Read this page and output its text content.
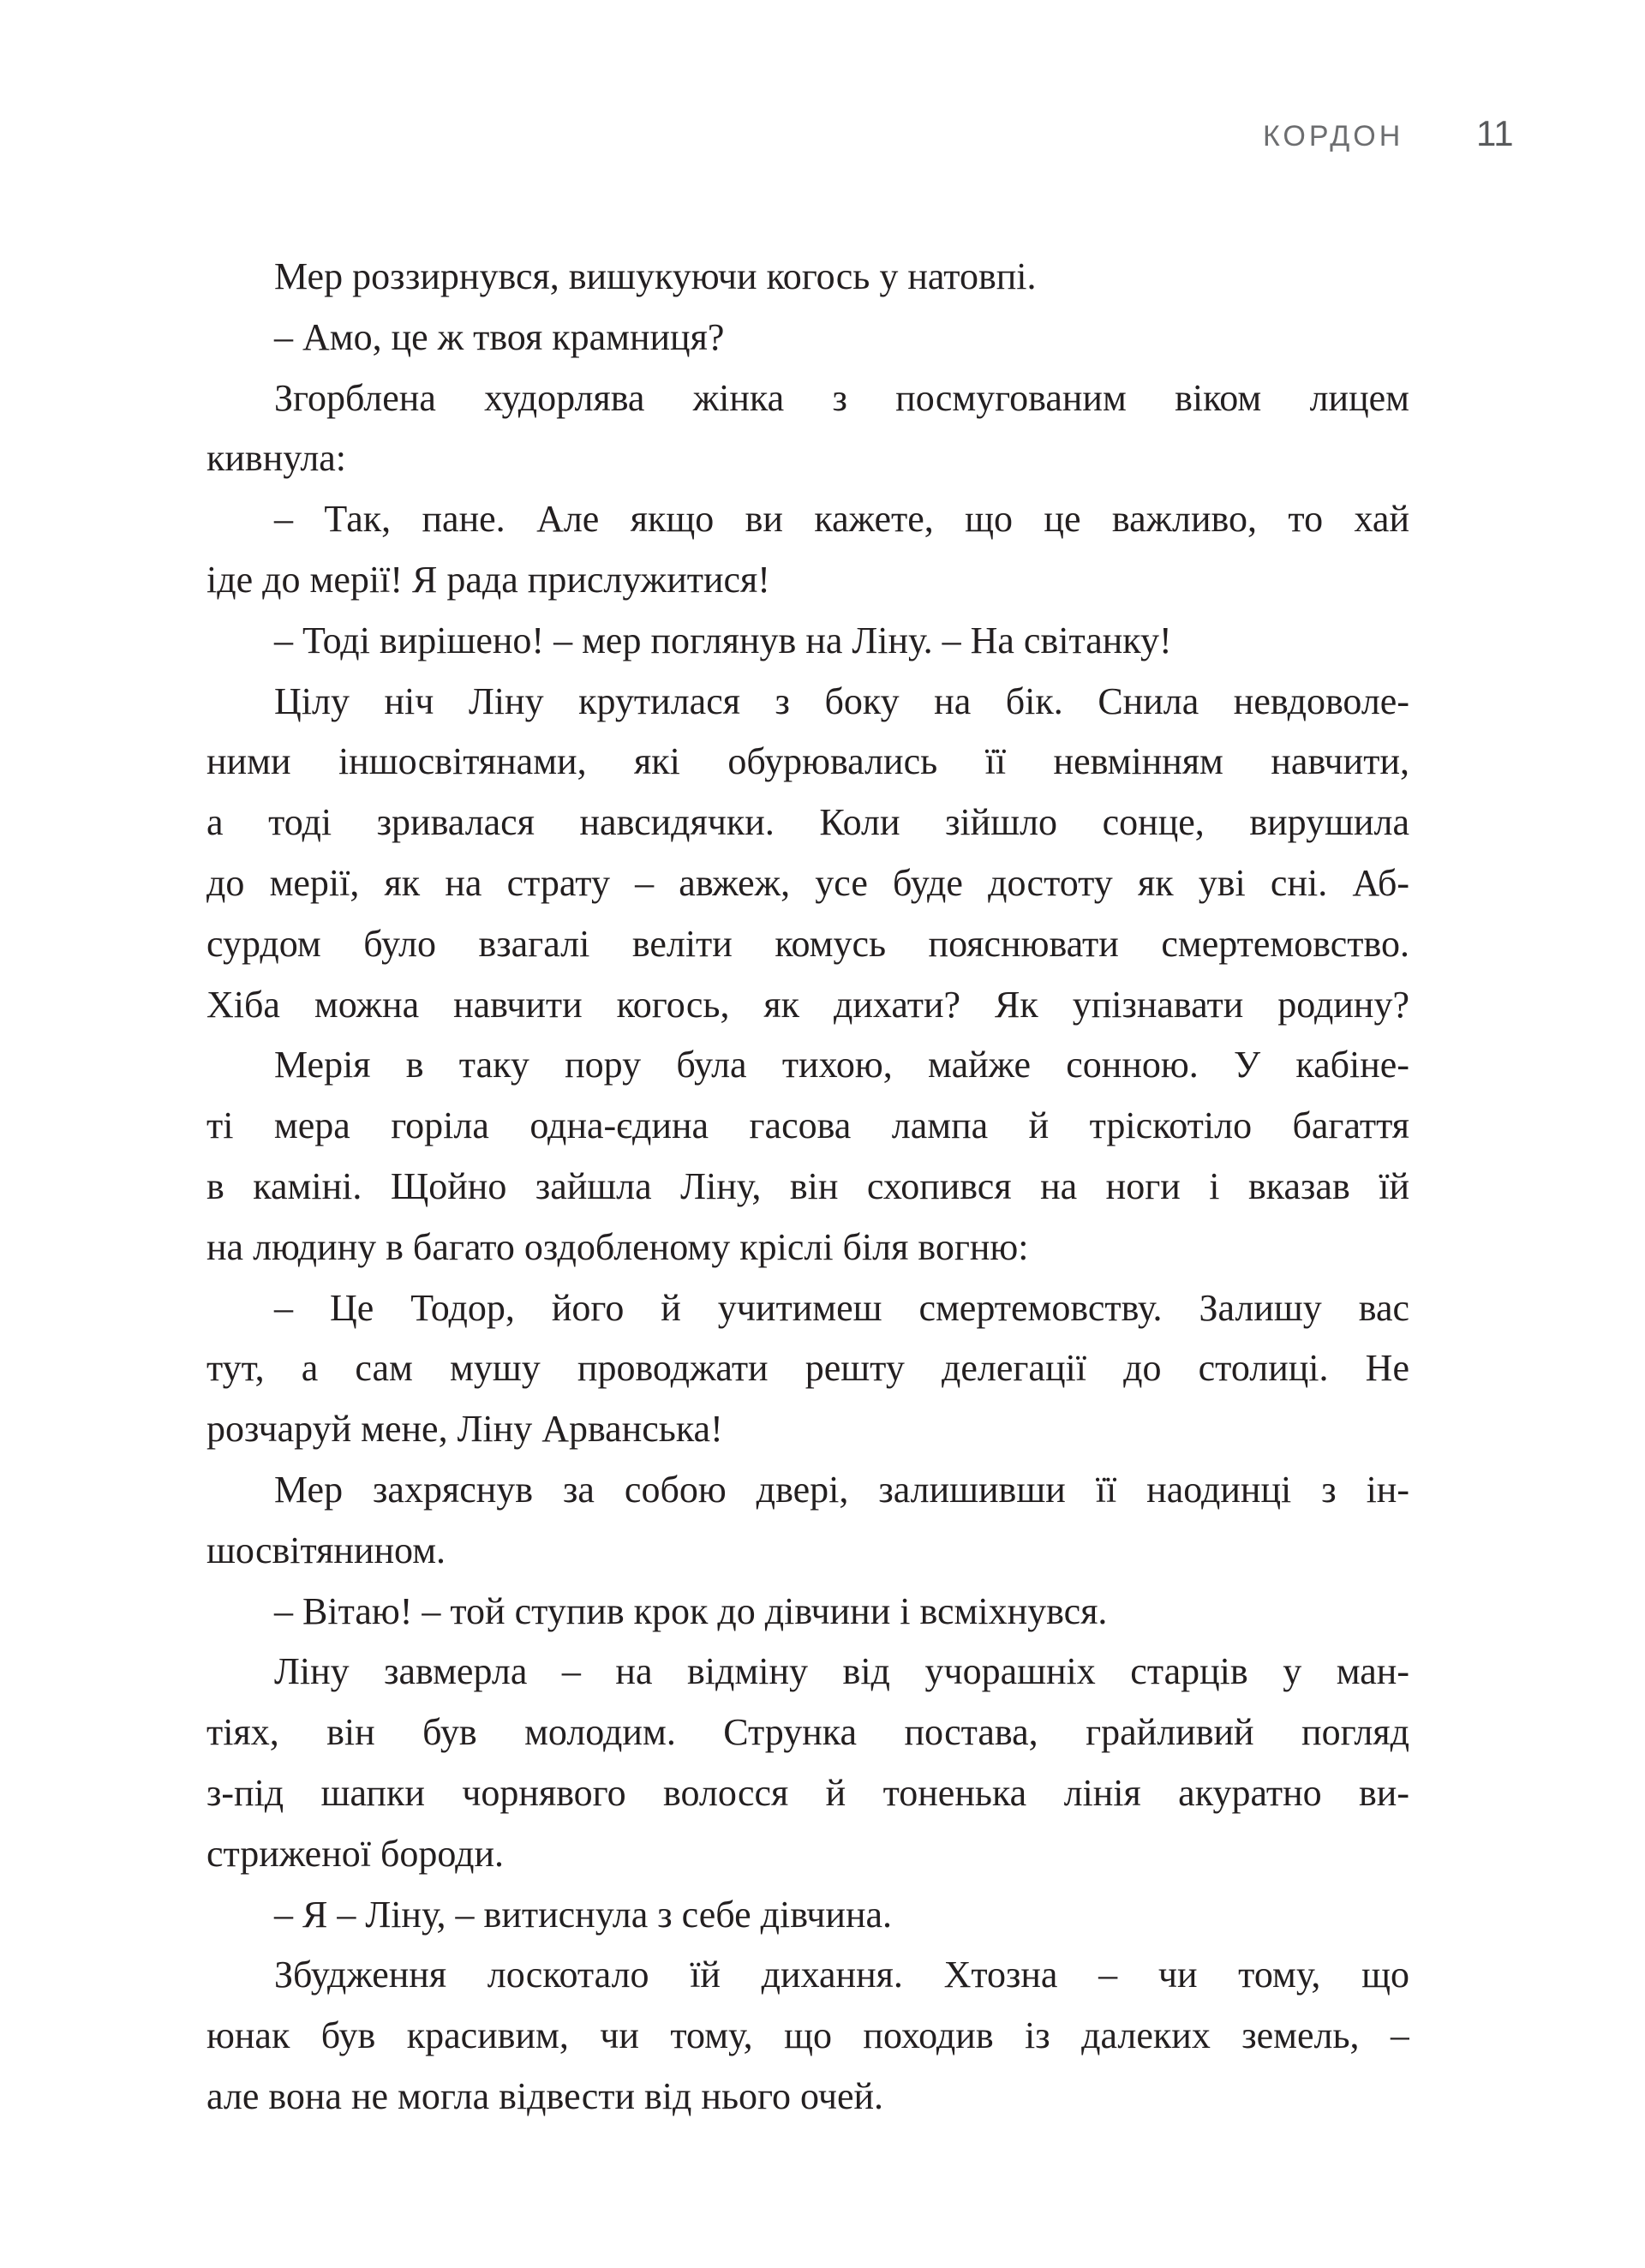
КОРДОН 11
Мер роззирнувся, вишукуючи когось у натовпі.
– Амо, це ж твоя крамниця?
Згорблена худорлява жінка з посмугованим віком лицем
кивнула:
– Так, пане. Але якщо ви кажете, що це важливо, то хай
іде до мерії! Я рада прислужитися!
– Тоді вирішено! – мер поглянув на Ліну. – На світанку!
Цілу ніч Ліну крутилася з боку на бік. Снила невдоволе-
ними іншосвітянами, які обурювались її невмінням навчити,
а тоді зривалася навсидячки. Коли зійшло сонце, вирушила
до мерії, як на страту – авжеж, усе буде достоту як уві сні. Аб-
сурдом було взагалі веліти комусь пояснювати смертемовство.
Хіба можна навчити когось, як дихати? Як упізнавати родину?
Мерія в таку пору була тихою, майже сонною. У кабіне-
ті мера горіла одна-єдина гасова лампа й тріскотіло багаття
в каміні. Щойно зайшла Ліну, він схопився на ноги і вказав їй
на людину в багато оздобленому кріслі біля вогню:
– Це Тодор, його й учитимеш смертемовству. Залишу вас
тут, а сам мушу проводжати решту делегації до столиці. Не
розчаруй мене, Ліну Арванська!
Мер захряснув за собою двері, залишивши її наодинці з ін-
шосвітянином.
– Вітаю! – той ступив крок до дівчини і всміхнувся.
Ліну завмерла – на відміну від учорашніх старців у ман-
тіях, він був молодим. Струнка постава, грайливий погляд
з-під шапки чорнявого волосся й тоненька лінія акуратно ви-
стриженої бороди.
– Я – Ліну, – витиснула з себе дівчина.
Збудження лоскотало їй дихання. Хтозна – чи тому, що
юнак був красивим, чи тому, що походив із далеких земель, –
але вона не могла відвести від нього очей.
